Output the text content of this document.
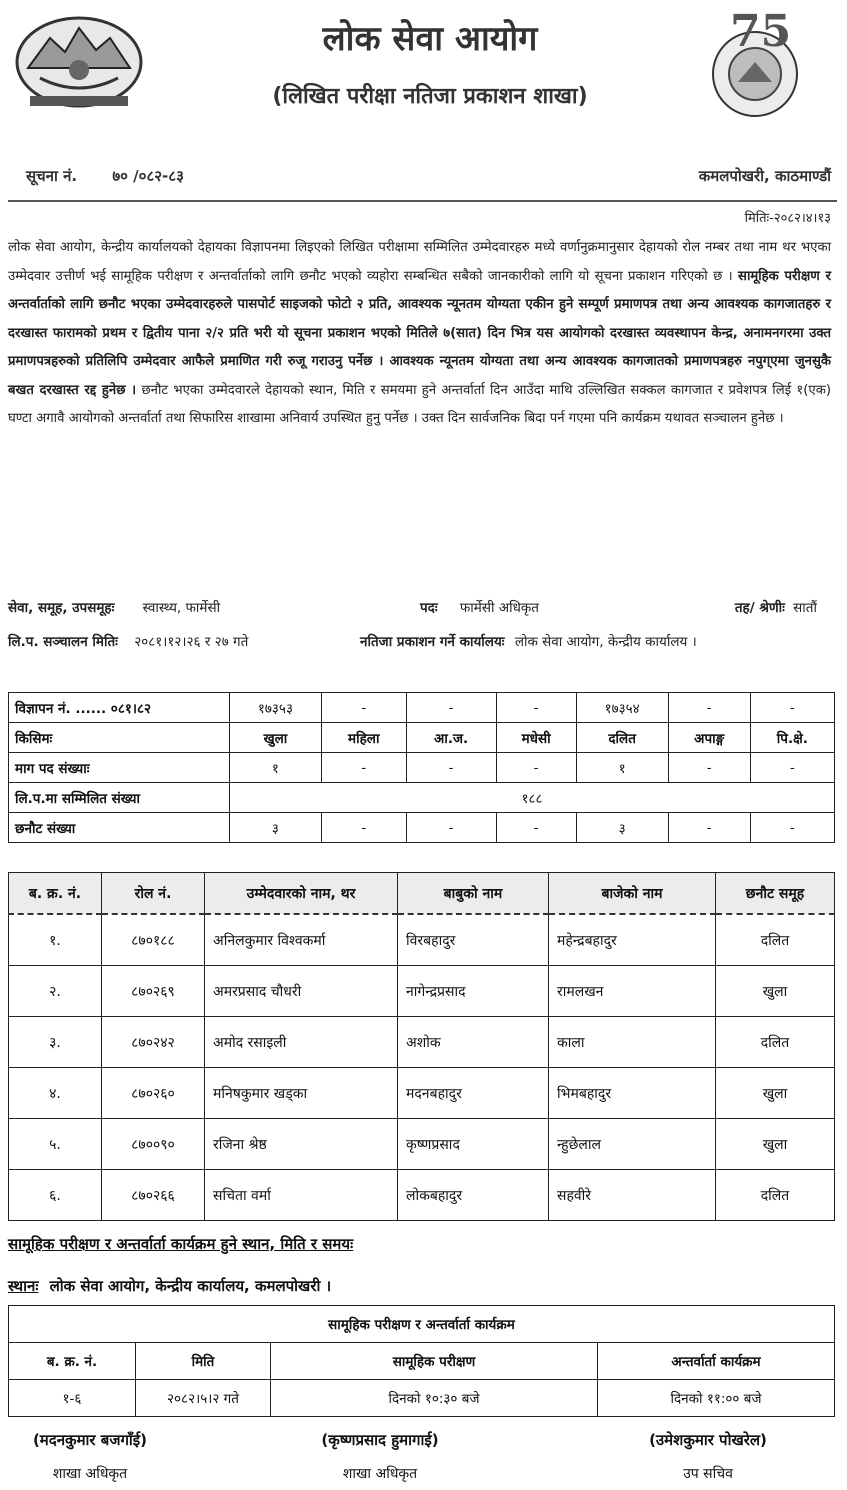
75
लोक सेवा आयोग
(लिखित परीक्षा नतिजा प्रकाशन शाखा)
सूचना नं. ७० /०८२-८३	कमलपोखरी, काठमाण्डौं
मितिः-२०८२।४।१३
लोक सेवा आयोग, केन्द्रीय कार्यालयको देहायका विज्ञापनमा लिइएको लिखित परीक्षामा सम्मिलित उम्मेदवारहरु मध्ये वर्णानुक्रमानुसार देहायको रोल नम्बर तथा नाम थर भएका उम्मेदवार उत्तीर्ण भई सामूहिक परीक्षण र अन्तर्वार्ताको लागि छनौट भएको व्यहोरा सम्बन्धित सबैको जानकारीको लागि यो सूचना प्रकाशन गरिएको छ । सामूहिक परीक्षण र अन्तर्वार्ताको लागि छनौट भएका उम्मेदवारहरुले पासपोर्ट साइजको फोटो २ प्रति, आवश्यक न्यूनतम योग्यता एकीन हुने सम्पूर्ण प्रमाणपत्र तथा अन्य आवश्यक कागजातहरु र दरखास्त फारामको प्रथम र द्वितीय पाना २/२ प्रति भरी यो सूचना प्रकाशन भएको मितिले ७(सात) दिन भित्र यस आयोगको दरखास्त व्यवस्थापन केन्द्र, अनामनगरमा उक्त प्रमाणपत्रहरुको प्रतिलिपि उम्मेदवार आफैले प्रमाणित गरी रुजू गराउनु पर्नेछ । आवश्यक न्यूनतम योग्यता तथा अन्य आवश्यक कागजातको प्रमाणपत्रहरु नपुग्एमा जुनसुकै बखत दरखास्त रद्द हुनेछ । छनौट भएका उम्मेदवारले देहायको स्थान, मिति र समयमा हुने अन्तर्वार्ता दिन आउँदा माथि उल्लिखित सक्कल कागजात र प्रवेशपत्र लिई १(एक) घण्टा अगावै आयोगको अन्तर्वार्ता तथा सिफारिस शाखामा अनिवार्य उपस्थित हुनु पर्नेछ । उक्त दिन सार्वजनिक बिदा पर्न गएमा पनि कार्यक्रम यथावत सञ्चालन हुनेछ ।
सेवा, समूह, उपसमूहः स्वास्थ्य, फार्मेसी	पदः फार्मेसी अधिकृत	तह/ श्रेणीः सातौं
लि.प. सञ्चालन मितिः २०८१।१२।२६ र २७ गते	नतिजा प्रकाशन गर्ने कार्यालयः लोक सेवा आयोग, केन्द्रीय कार्यालय ।
विज्ञापन नं. ...... ०८१।८२	१७३५३	-	-	-	१७३५४	-	-
किसिमः	खुला	महिला	आ.ज.	मधेसी	दलित	अपाङ्ग	पि.क्षे.
माग पद संख्याः	१	-	-	-	१	-	-
लि.प.मा सम्मिलित संख्या	१८८						
छनौट संख्या	३	-	-	-	३	-	-
ब. क्र. नं.	रोल नं.	उम्मेदवारको नाम, थर	बाबुको नाम	बाजेको नाम	छनौट समूह
१.	८७०१८८	अनिलकुमार विश्वकर्मा	विरबहादुर	महेन्द्रबहादुर	दलित
२.	८७०२६९	अमरप्रसाद चौधरी	नागेन्द्रप्रसाद	रामलखन	खुला
३.	८७०२४२	अमोद रसाइली	अशोक	काला	दलित
४.	८७०२६०	मनिषकुमार खड्का	मदनबहादुर	भिमबहादुर	खुला
५.	८७००९०	रजिना श्रेष्ठ	कृष्णप्रसाद	न्हुछेलाल	खुला
६.	८७०२६६	सचिता वर्मा	लोकबहादुर	सहवीरे	दलित
सामूहिक परीक्षण र अन्तर्वार्ता कार्यक्रम हुने स्थान, मिति र समयः
स्थानः लोक सेवा आयोग, केन्द्रीय कार्यालय, कमलपोखरी ।
सामूहिक परीक्षण र अन्तर्वार्ता कार्यक्रम			
ब. क्र. नं.	मिति	सामूहिक परीक्षण	अन्तर्वार्ता कार्यक्रम
१-६	२०८२।५।२ गते	दिनको १०:३० बजे	दिनको ११:०० बजे
(मदनकुमार बजगाँई)
शाखा अधिकृत
(कृष्णप्रसाद हुमागाई)
शाखा अधिकृत
(उमेशकुमार पोखरेल)
उप सचिव
